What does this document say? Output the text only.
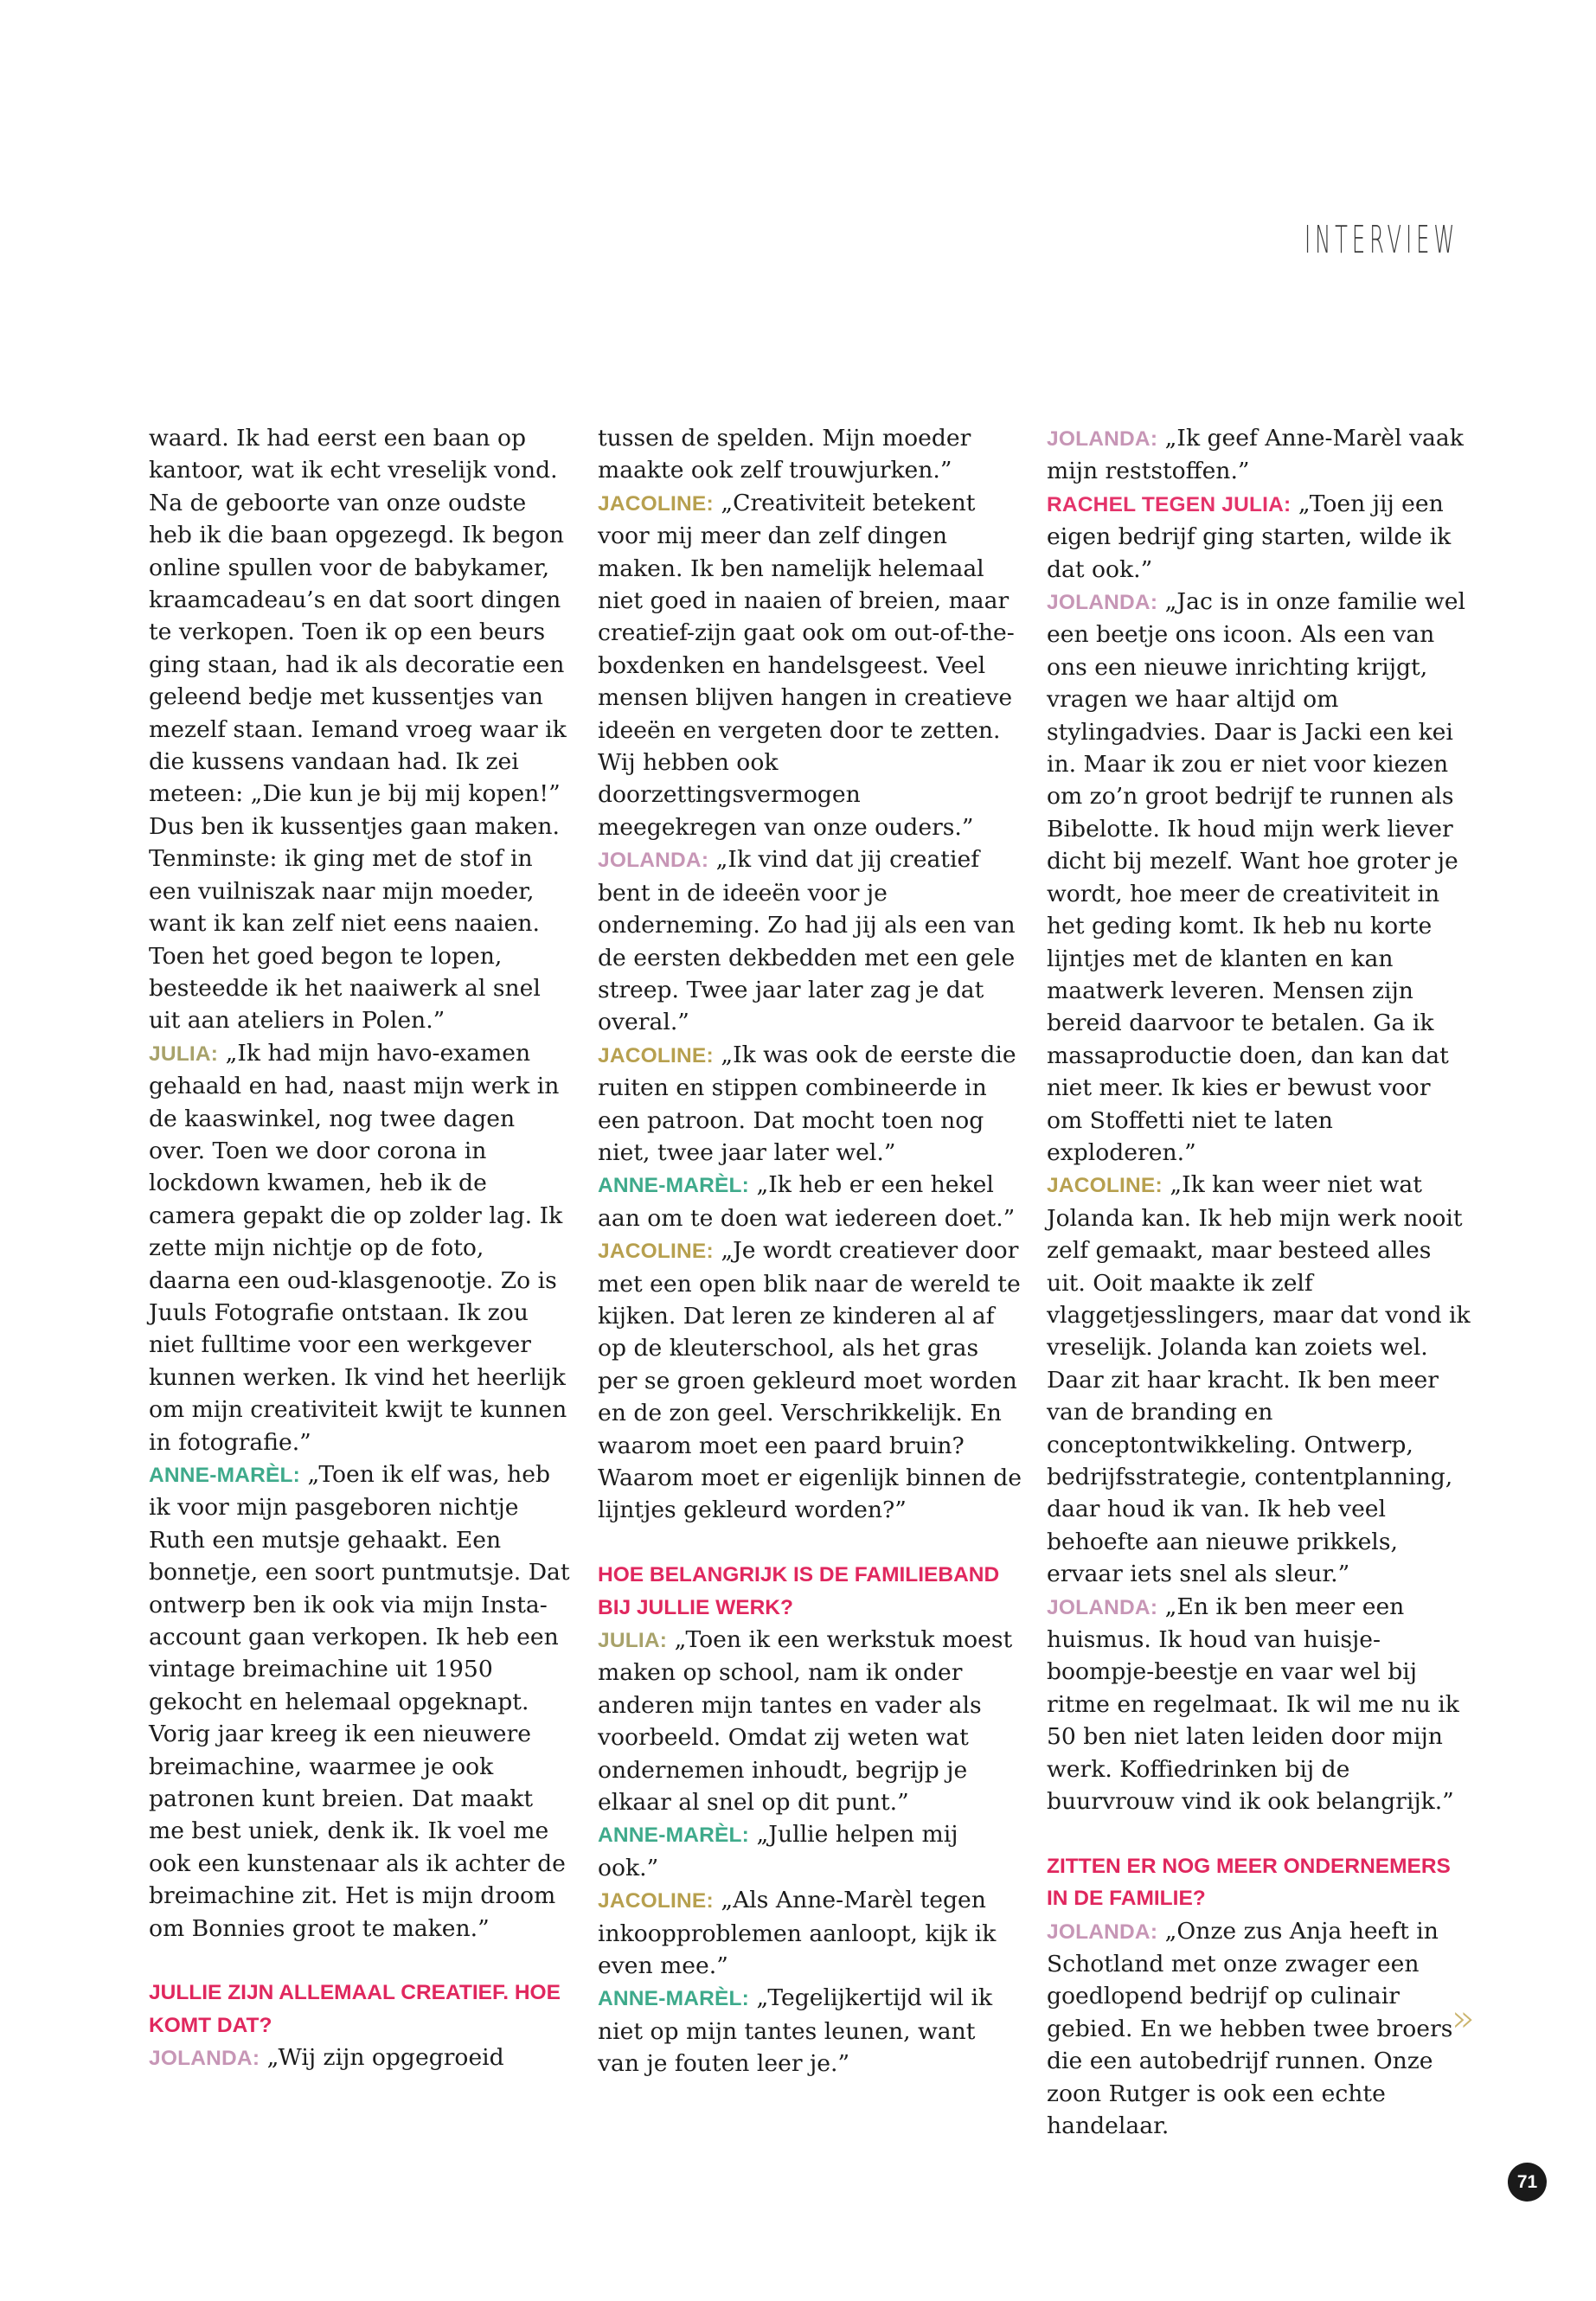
INTERVIEW

waard. Ik had eerst een baan op kantoor, wat ik echt vreselijk vond. Na de geboorte van onze oudste heb ik die baan opgezegd. Ik begon online spullen voor de babykamer, kraamcadeau’s en dat soort dingen te verkopen. Toen ik op een beurs ging staan, had ik als decoratie een geleend bedje met kussentjes van mezelf staan. Iemand vroeg waar ik die kussens vandaan had. Ik zei meteen: „Die kun je bij mij kopen!” Dus ben ik kussentjes gaan maken. Tenminste: ik ging met de stof in een vuilniszak naar mijn moeder, want ik kan zelf niet eens naaien. Toen het goed begon te lopen, besteedde ik het naaiwerk al snel uit aan ateliers in Polen.”

JULIA: „Ik had mijn havo-examen gehaald en had, naast mijn werk in de kaaswinkel, nog twee dagen over. Toen we door corona in lockdown kwamen, heb ik de camera gepakt die op zolder lag. Ik zette mijn nichtje op de foto, daarna een oud-klasgenootje. Zo is Juuls Fotografie ontstaan. Ik zou niet fulltime voor een werkgever kunnen werken. Ik vind het heerlijk om mijn creativiteit kwijt te kunnen in fotografie.”

ANNE-MARÈL: „Toen ik elf was, heb ik voor mijn pasgeboren nichtje Ruth een mutsje gehaakt. Een bonnetje, een soort puntmutsje. Dat ontwerp ben ik ook via mijn Insta-account gaan verkopen. Ik heb een vintage breimachine uit 1950 gekocht en helemaal opgeknapt. Vorig jaar kreeg ik een nieuwere breimachine, waarmee je ook patronen kunt breien. Dat maakt me best uniek, denk ik. Ik voel me ook een kunstenaar als ik achter de breimachine zit. Het is mijn droom om Bonnies groot te maken.”

JULLIE ZIJN ALLEMAAL CREATIEF. HOE KOMT DAT?

JOLANDA: „Wij zijn opgegroeid

tussen de spelden. Mijn moeder maakte ook zelf trouwjurken.”

JACOLINE: „Creativiteit betekent voor mij meer dan zelf dingen maken. Ik ben namelijk helemaal niet goed in naaien of breien, maar creatief-zijn gaat ook om out-of-the-boxdenken en handelsgeest. Veel mensen blijven hangen in creatieve ideeën en vergeten door te zetten. Wij hebben ook doorzettingsvermogen meegekregen van onze ouders.”

JOLANDA: „Ik vind dat jij creatief bent in de ideeën voor je onderneming. Zo had jij als een van de eersten dekbedden met een gele streep. Twee jaar later zag je dat overal.”

JACOLINE: „Ik was ook de eerste die ruiten en stippen combineerde in een patroon. Dat mocht toen nog niet, twee jaar later wel.”

ANNE-MARÈL: „Ik heb er een hekel aan om te doen wat iedereen doet.”

JACOLINE: „Je wordt creatiever door met een open blik naar de wereld te kijken. Dat leren ze kinderen al af op de kleuterschool, als het gras per se groen gekleurd moet worden en de zon geel. Verschrikkelijk. En waarom moet een paard bruin? Waarom moet er eigenlijk binnen de lijntjes gekleurd worden?”

HOE BELANGRIJK IS DE FAMILIEBAND BIJ JULLIE WERK?

JULIA: „Toen ik een werkstuk moest maken op school, nam ik onder anderen mijn tantes en vader als voorbeeld. Omdat zij weten wat ondernemen inhoudt, begrijp je elkaar al snel op dit punt.”

ANNE-MARÈL: „Jullie helpen mij ook.”

JACOLINE: „Als Anne-Marèl tegen inkoopproblemen aanloopt, kijk ik even mee.”

ANNE-MARÈL: „Tegelijkertijd wil ik niet op mijn tantes leunen, want van je fouten leer je.”

JOLANDA: „Ik geef Anne-Marèl vaak mijn reststoffen.”

RACHEL TEGEN JULIA: „Toen jij een eigen bedrijf ging starten, wilde ik dat ook.”

JOLANDA: „Jac is in onze familie wel een beetje ons icoon. Als een van ons een nieuwe inrichting krijgt, vragen we haar altijd om stylingadvies. Daar is Jacki een kei in. Maar ik zou er niet voor kiezen om zo’n groot bedrijf te runnen als Bibelotte. Ik houd mijn werk liever dicht bij mezelf. Want hoe groter je wordt, hoe meer de creativiteit in het geding komt. Ik heb nu korte lijntjes met de klanten en kan maatwerk leveren. Mensen zijn bereid daarvoor te betalen. Ga ik massaproductie doen, dan kan dat niet meer. Ik kies er bewust voor om Stoffetti niet te laten exploderen.”

JACOLINE: „Ik kan weer niet wat Jolanda kan. Ik heb mijn werk nooit zelf gemaakt, maar besteed alles uit. Ooit maakte ik zelf vlaggetjesslingers, maar dat vond ik vreselijk. Jolanda kan zoiets wel. Daar zit haar kracht. Ik ben meer van de branding en conceptontwikkeling. Ontwerp, bedrijfsstrategie, contentplanning, daar houd ik van. Ik heb veel behoefte aan nieuwe prikkels, ervaar iets snel als sleur.”

JOLANDA: „En ik ben meer een huismus. Ik houd van huisje-boompje-beestje en vaar wel bij ritme en regelmaat. Ik wil me nu ik 50 ben niet laten leiden door mijn werk. Koffiedrinken bij de buurvrouw vind ik ook belangrijk.”

ZITTEN ER NOG MEER ONDERNEMERS IN DE FAMILIE?

JOLANDA: „Onze zus Anja heeft in Schotland met onze zwager een goedlopend bedrijf op culinair gebied. En we hebben twee broers die een autobedrijf runnen. Onze zoon Rutger is ook een echte handelaar.

»
71
